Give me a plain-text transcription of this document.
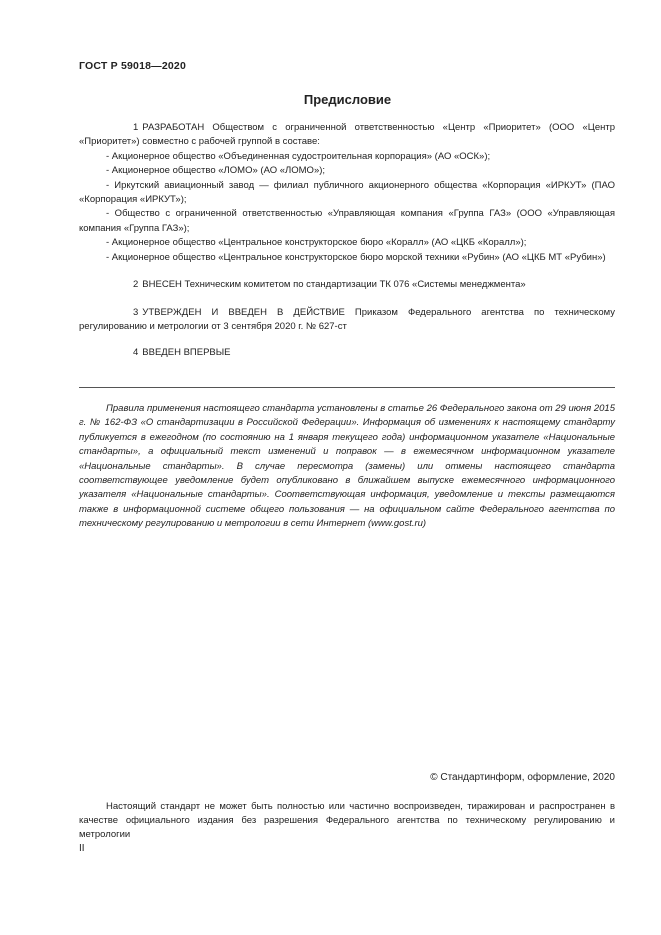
ГОСТ Р 59018—2020
Предисловие

1 РАЗРАБОТАН Обществом с ограниченной ответственностью «Центр «Приоритет» (ООО «Центр «Приоритет») совместно с рабочей группой в составе:

- Акционерное общество «Объединенная судостроительная корпорация» (АО «ОСК»);

- Акционерное общество «ЛОМО» (АО «ЛОМО»);

- Иркутский авиационный завод — филиал публичного акционерного общества «Корпорация «ИРКУТ» (ПАО «Корпорация «ИРКУТ»);

- Общество с ограниченной ответственностью «Управляющая компания «Группа ГАЗ» (ООО «Управляющая компания «Группа ГАЗ»);

- Акционерное общество «Центральное конструкторское бюро «Коралл» (АО «ЦКБ «Коралл»);

- Акционерное общество «Центральное конструкторское бюро морской техники «Рубин» (АО «ЦКБ МТ «Рубин»)

2 ВНЕСЕН Техническим комитетом по стандартизации ТК 076 «Системы менеджмента»

3 УТВЕРЖДЕН И ВВЕДЕН В ДЕЙСТВИЕ Приказом Федерального агентства по техническому регулированию и метрологии от 3 сентября 2020 г. № 627-ст

4 ВВЕДЕН ВПЕРВЫЕ

Правила применения настоящего стандарта установлены в статье 26 Федерального закона от 29 июня 2015 г. № 162-ФЗ «О стандартизации в Российской Федерации». Информация об изменениях к настоящему стандарту публикуется в ежегодном (по состоянию на 1 января текущего года) информационном указателе «Национальные стандарты», а официальный текст изменений и поправок — в ежемесячном информационном указателе «Национальные стандарты». В случае пересмотра (замены) или отмены настоящего стандарта соответствующее уведомление будет опубликовано в ближайшем выпуске ежемесячного информационного указателя «Национальные стандарты». Соответствующая информация, уведомление и тексты размещаются также в информационной системе общего пользования — на официальном сайте Федерального агентства по техническому регулированию и метрологии в сети Интернет (www.gost.ru)

© Стандартинформ, оформление, 2020

Настоящий стандарт не может быть полностью или частично воспроизведен, тиражирован и распространен в качестве официального издания без разрешения Федерального агентства по техническому регулированию и метрологии

II
